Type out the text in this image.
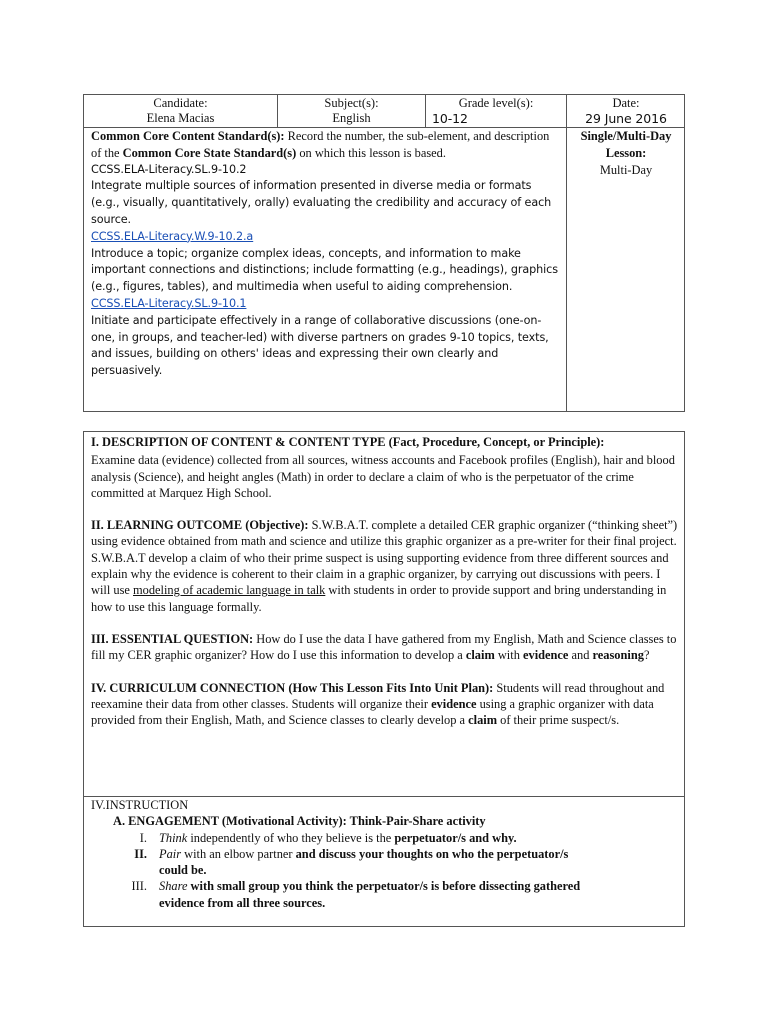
Candidate:
Elena Macias
Subject(s):
English
Grade level(s):
10-12
Date:
29 June 2016
Common Core Content Standard(s): Record the number, the sub-element, and description of the Common Core State Standard(s) on which this lesson is based.
CCSS.ELA-Literacy.SL.9-10.2
Integrate multiple sources of information presented in diverse media or formats (e.g., visually, quantitatively, orally) evaluating the credibility and accuracy of each source.
CCSS.ELA-Literacy.W.9-10.2.a
Introduce a topic; organize complex ideas, concepts, and information to make important connections and distinctions; include formatting (e.g., headings), graphics (e.g., figures, tables), and multimedia when useful to aiding comprehension.
CCSS.ELA-Literacy.SL.9-10.1
Initiate and participate effectively in a range of collaborative discussions (one-on-one, in groups, and teacher-led) with diverse partners on grades 9-10 topics, texts, and issues, building on others' ideas and expressing their own clearly and persuasively.
Single/Multi-Day Lesson:
Multi-Day

I. DESCRIPTION OF CONTENT & CONTENT TYPE (Fact, Procedure, Concept, or Principle):

Examine data (evidence) collected from all sources, witness accounts and Facebook profiles (English), hair and blood analysis (Science), and height angles (Math) in order to declare a claim of who is the perpetuator of the crime committed at Marquez High School.

II. LEARNING OUTCOME (Objective): S.W.B.A.T. complete a detailed CER graphic organizer (“thinking sheet”) using evidence obtained from math and science and utilize this graphic organizer as a pre-writer for their final project. S.W.B.A.T develop a claim of who their prime suspect is using supporting evidence from three different sources and explain why the evidence is coherent to their claim in a graphic organizer, by carrying out discussions with peers. I will use modeling of academic language in talk with students in order to provide support and bring understanding in how to use this language formally.

III. ESSENTIAL QUESTION: How do I use the data I have gathered from my English, Math and Science classes to fill my CER graphic organizer? How do I use this information to develop a claim with evidence and reasoning?

IV. CURRICULUM CONNECTION (How This Lesson Fits Into Unit Plan): Students will read throughout and reexamine their data from other classes. Students will organize their evidence using a graphic organizer with data provided from their English, Math, and Science classes to clearly develop a claim of their prime suspect/s.

IV.INSTRUCTION
A. ENGAGEMENT (Motivational Activity): Think-Pair-Share activity
I. Think independently of who they believe is the perpetuator/s and why.
II. Pair with an elbow partner and discuss your thoughts on who the perpetuator/s could be.
III. Share with small group you think the perpetuator/s is before dissecting gathered evidence from all three sources.
